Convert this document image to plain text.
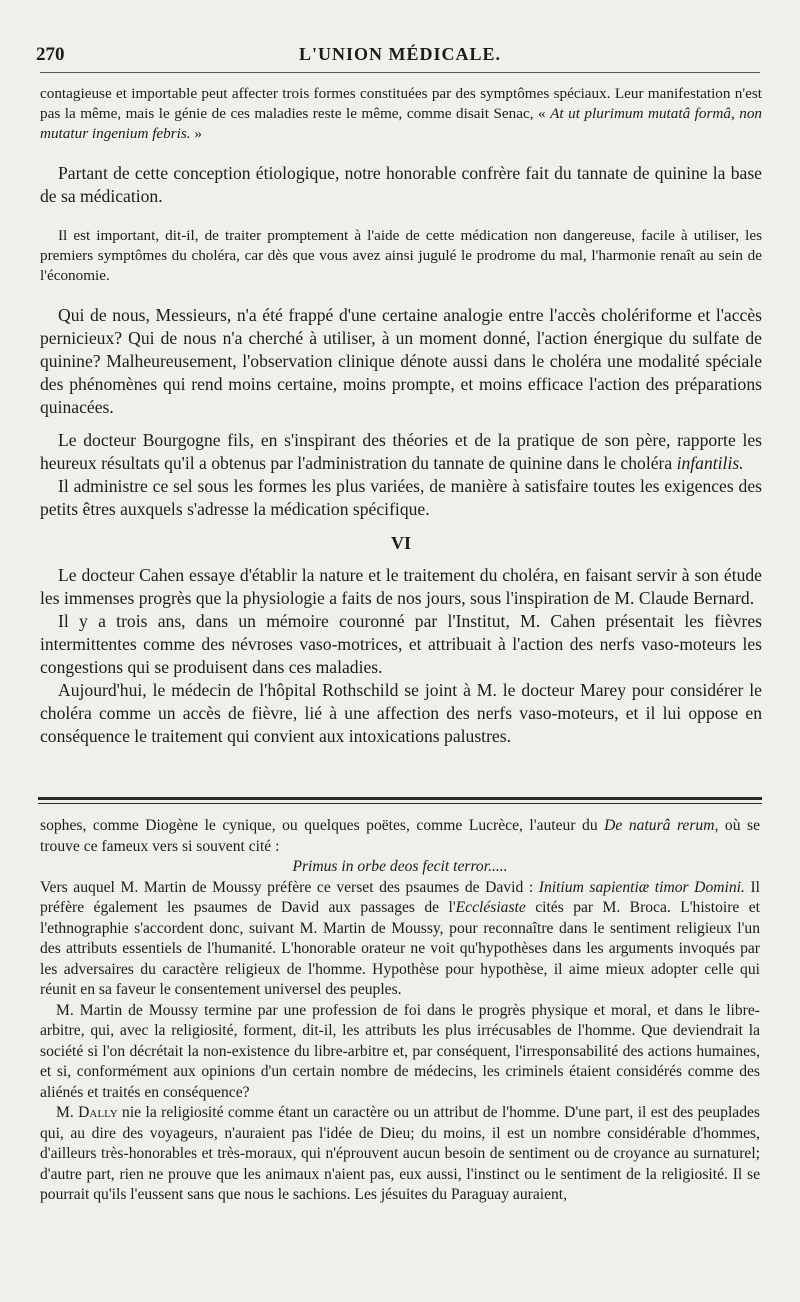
270	L'UNION MÉDICALE.

contagieuse et importable peut affecter trois formes constituées par des symptômes spéciaux. Leur manifestation n'est pas la même, mais le génie de ces maladies reste le même, comme disait Senac, « At ut plurimum mutatâ formâ, non mutatur ingenium febris. »

Partant de cette conception étiologique, notre honorable confrère fait du tannate de quinine la base de sa médication.

Il est important, dit-il, de traiter promptement à l'aide de cette médication non dangereuse, facile à utiliser, les premiers symptômes du choléra, car dès que vous avez ainsi jugulé le prodrome du mal, l'harmonie renaît au sein de l'économie.

Qui de nous, Messieurs, n'a été frappé d'une certaine analogie entre l'accès cholériforme et l'accès pernicieux? Qui de nous n'a cherché à utiliser, à un moment donné, l'action énergique du sulfate de quinine? Malheureusement, l'observation clinique dénote aussi dans le choléra une modalité spéciale des phénomènes qui rend moins certaine, moins prompte, et moins efficace l'action des préparations quinacées.

Le docteur Bourgogne fils, en s'inspirant des théories et de la pratique de son père, rapporte les heureux résultats qu'il a obtenus par l'administration du tannate de quinine dans le choléra infantilis.

Il administre ce sel sous les formes les plus variées, de manière à satisfaire toutes les exigences des petits êtres auxquels s'adresse la médication spécifique.

VI

Le docteur Cahen essaye d'établir la nature et le traitement du choléra, en faisant servir à son étude les immenses progrès que la physiologie a faits de nos jours, sous l'inspiration de M. Claude Bernard.

Il y a trois ans, dans un mémoire couronné par l'Institut, M. Cahen présentait les fièvres intermittentes comme des névroses vaso-motrices, et attribuait à l'action des nerfs vaso-moteurs les congestions qui se produisent dans ces maladies.

Aujourd'hui, le médecin de l'hôpital Rothschild se joint à M. le docteur Marey pour considérer le choléra comme un accès de fièvre, lié à une affection des nerfs vaso-moteurs, et il lui oppose en conséquence le traitement qui convient aux intoxications palustres.

sophes, comme Diogène le cynique, ou quelques poëtes, comme Lucrèce, l'auteur du De naturâ rerum, où se trouve ce fameux vers si souvent cité :

Primus in orbe deos fecit terror.....

Vers auquel M. Martin de Moussy préfère ce verset des psaumes de David : Initium sapientiæ timor Domini. Il préfère également les psaumes de David aux passages de l'Ecclésiaste cités par M. Broca. L'histoire et l'ethnographie s'accordent donc, suivant M. Martin de Moussy, pour reconnaître dans le sentiment religieux l'un des attributs essentiels de l'humanité. L'honorable orateur ne voit qu'hypothèses dans les arguments invoqués par les adversaires du caractère religieux de l'homme. Hypothèse pour hypothèse, il aime mieux adopter celle qui réunit en sa faveur le consentement universel des peuples.

M. Martin de Moussy termine par une profession de foi dans le progrès physique et moral, et dans le libre-arbitre, qui, avec la religiosité, forment, dit-il, les attributs les plus irrécusables de l'homme. Que deviendrait la société si l'on décrétait la non-existence du libre-arbitre et, par conséquent, l'irresponsabilité des actions humaines, et si, conformément aux opinions d'un certain nombre de médecins, les criminels étaient considérés comme des aliénés et traités en conséquence?

M. Dally nie la religiosité comme étant un caractère ou un attribut de l'homme. D'une part, il est des peuplades qui, au dire des voyageurs, n'auraient pas l'idée de Dieu; du moins, il est un nombre considérable d'hommes, d'ailleurs très-honorables et très-moraux, qui n'éprouvent aucun besoin de sentiment ou de croyance au surnaturel; d'autre part, rien ne prouve que les animaux n'aient pas, eux aussi, l'instinct ou le sentiment de la religiosité. Il se pourrait qu'ils l'eussent sans que nous le sachions. Les jésuites du Paraguay auraient,
